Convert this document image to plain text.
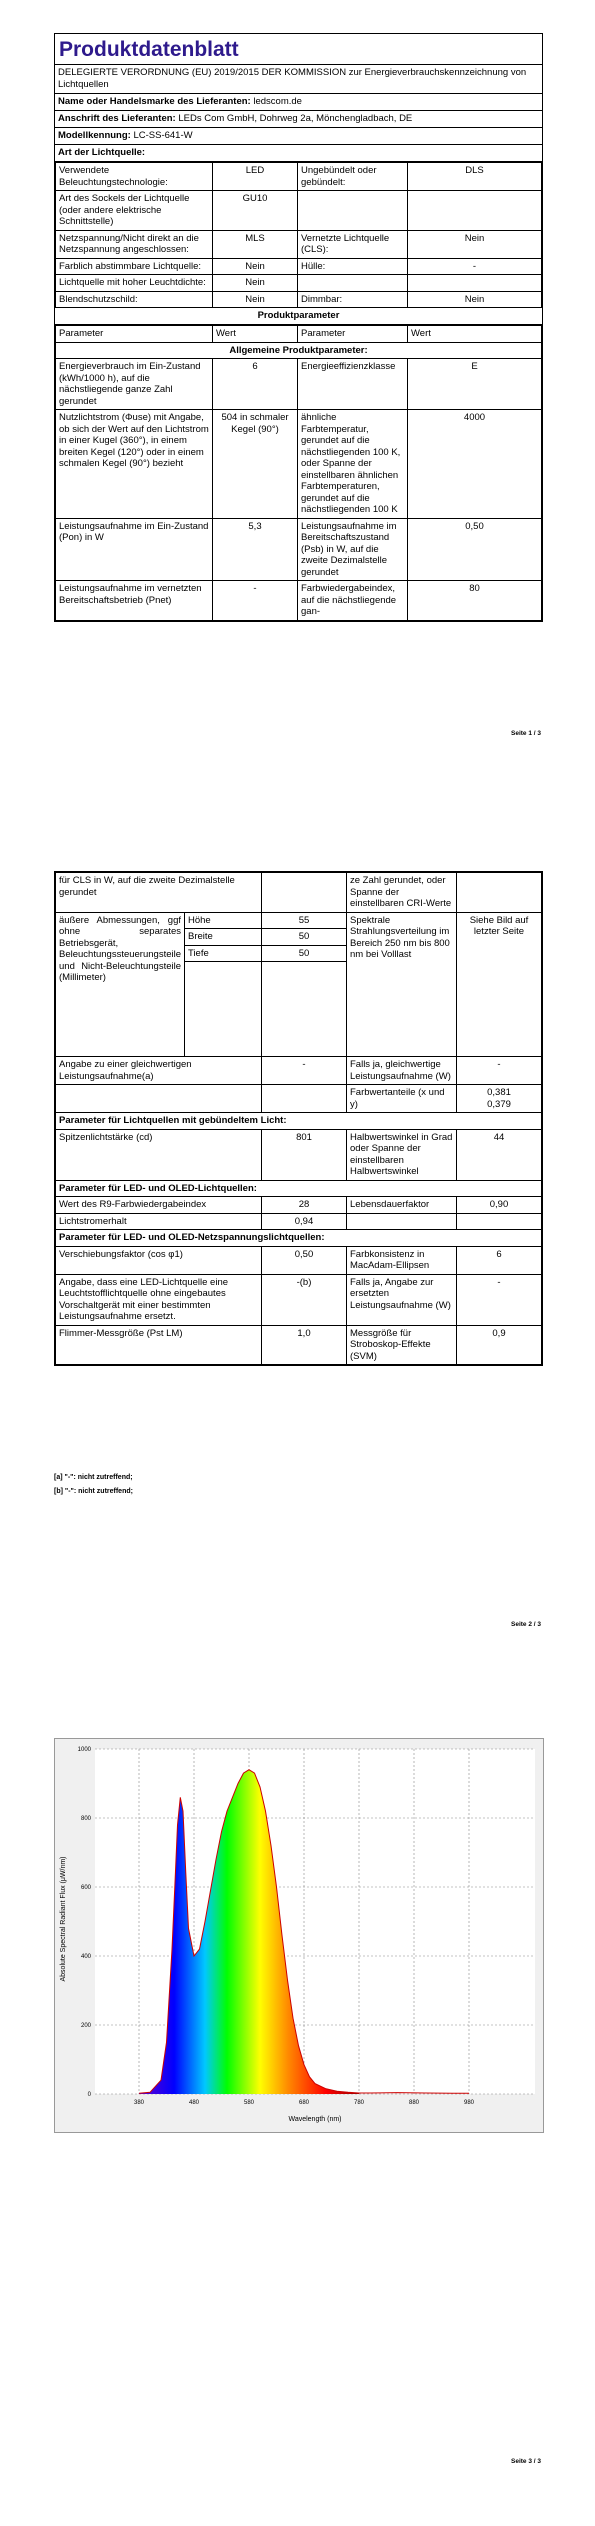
Produktdatenblatt
DELEGIERTE VERORDNUNG (EU) 2019/2015 DER KOMMISSION zur Energieverbrauchskennzeichnung von Lichtquellen
Name oder Handelsmarke des Lieferanten: ledscom.de
Anschrift des Lieferanten: LEDs Com GmbH, Dohrweg 2a, Mönchengladbach, DE
Modellkennung: LC-SS-641-W
Art der Lichtquelle:
Verwendete Beleuchtungstechnologie:	LED	Ungebündelt oder gebündelt:	DLS
Art des Sockels der Lichtquelle (oder andere elektrische Schnittstelle)	GU10		
Netzspannung/Nicht direkt an die Netzspannung angeschlossen:	MLS	Vernetzte Lichtquelle (CLS):	Nein
Farblich abstimmbare Lichtquelle:	Nein	Hülle:	-
Lichtquelle mit hoher Leuchtdichte:	Nein		
Blendschutzschild:	Nein	Dimmbar:	Nein
Produktparameter
Parameter	Wert	Parameter	Wert
Allgemeine Produktparameter:			
Energieverbrauch im Ein-Zustand (kWh/1000 h), auf die nächstliegende ganze Zahl gerundet	6	Energieeffizienzklasse	E
Nutzlichtstrom (Φuse) mit Angabe, ob sich der Wert auf den Lichtstrom in einer Kugel (360°), in einem breiten Kegel (120°) oder in einem schmalen Kegel (90°) bezieht	504 in schmaler Kegel (90°)	ähnliche Farbtemperatur, gerundet auf die nächstliegenden 100 K, oder Spanne der einstellbaren ähnlichen Farbtemperaturen, gerundet auf die nächstliegenden 100 K	4000
Leistungsaufnahme im Ein-Zustand (Pon) in W	5,3	Leistungsaufnahme im Bereitschaftszustand (Psb) in W, auf die zweite Dezimalstelle gerundet	0,50
Leistungsaufnahme im vernetzten Bereitschaftsbetrieb (Pnet)	-	Farbwiedergabeindex, auf die nächstliegende gan-	80
Seite 1 / 3
für CLS in W, auf die zweite Dezimalstelle gerundet			ze Zahl gerundet, oder Spanne der einstellbaren CRI-Werte	
äußere Abmessungen, ggf ohne separates Betriebsgerät, Beleuchtungssteuerungsteile und Nicht-Beleuchtungsteile (Millimeter)	Höhe	55	Spektrale Strahlungsverteilung im Bereich 250 nm bis 800 nm bei Volllast	Siehe Bild auf letzter Seite
	Breite	50		
	Tiefe	50		

Angabe zu einer gleichwertigen Leistungsaufnahme(a)		-	Falls ja, gleichwertige Leistungsaufnahme (W)	-
			Farbwertanteile (x und y)	0,381
0,379
Parameter für Lichtquellen mit gebündeltem Licht:				
Spitzenlichtstärke (cd)		801	Halbwertswinkel in Grad oder Spanne der einstellbaren Halbwertswinkel	44
Parameter für LED- und OLED-Lichtquellen:				
Wert des R9-Farbwiedergabeindex		28	Lebensdauerfaktor	0,90
Lichtstromerhalt		0,94		
Parameter für LED- und OLED-Netzspannungslichtquellen:				
Verschiebungsfaktor (cos φ1)		0,50	Farbkonsistenz in MacAdam-Ellipsen	6
Angabe, dass eine LED-Lichtquelle eine Leuchtstofflichtquelle ohne eingebautes Vorschaltgerät mit einer bestimmten Leistungsaufnahme ersetzt.		-(b)	Falls ja, Angabe zur ersetzten Leistungsaufnahme (W)	-
Flimmer-Messgröße (Pst LM)		1,0	Messgröße für Stroboskop-Effekte (SVM)	0,9
[a] "-": nicht zutreffend;
[b] "-": nicht zutreffend;
Seite 2 / 3
380	480	580	680	780	880	980
0
200
400
600
800
1000
Wavelength (nm)
Absolute Spectral Radiant Flux (μW/nm)
Seite 3 / 3
